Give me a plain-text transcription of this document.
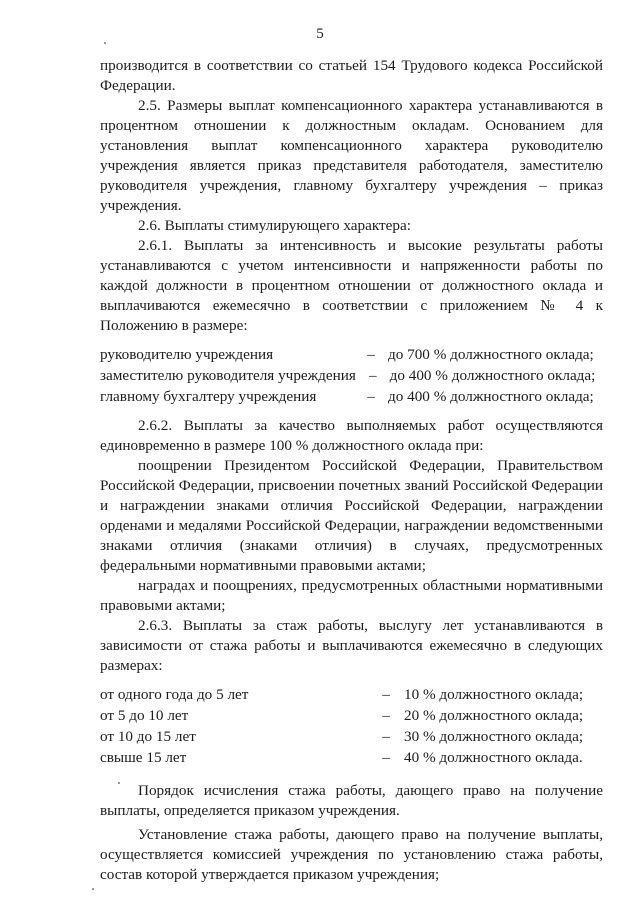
5

производится в соответствии со статьей 154 Трудового кодекса Российской Федерации.

2.5. Размеры выплат компенсационного характера устанавливаются в процентном отношении к должностным окладам. Основанием для установления выплат компенсационного характера руководителю учреждения является приказ представителя работодателя, заместителю руководителя учреждения, главному бухгалтеру учреждения – приказ учреждения.

2.6. Выплаты стимулирующего характера:

2.6.1. Выплаты за интенсивность и высокие результаты работы устанавливаются с учетом интенсивности и напряженности работы по каждой должности в процентном отношении от должностного оклада и выплачиваются ежемесячно в соответствии с приложением № 4 к Положению в размере:

руководителю учреждения	– до 700 % должностного оклада;
заместителю руководителя учреждения – до 400 % должностного оклада;
главному бухгалтеру учреждения	– до 400 % должностного оклада;

2.6.2. Выплаты за качество выполняемых работ осуществляются единовременно в размере 100 % должностного оклада при:

поощрении Президентом Российской Федерации, Правительством Российской Федерации, присвоении почетных званий Российской Федерации и награждении знаками отличия Российской Федерации, награждении орденами и медалями Российской Федерации, награждении ведомственными знаками отличия (знаками отличия) в случаях, предусмотренных федеральными нормативными правовыми актами;

наградах и поощрениях, предусмотренных областными нормативными правовыми актами;

2.6.3. Выплаты за стаж работы, выслугу лет устанавливаются в зависимости от стажа работы и выплачиваются ежемесячно в следующих размерах:

от одного года до 5 лет	– 10 % должностного оклада;
от 5 до 10 лет	– 20 % должностного оклада;
от 10 до 15 лет	– 30 % должностного оклада;
свыше 15 лет	– 40 % должностного оклада.

Порядок исчисления стажа работы, дающего право на получение выплаты, определяется приказом учреждения.

Установление стажа работы, дающего право на получение выплаты, осуществляется комиссией учреждения по установлению стажа работы, состав которой утверждается приказом учреждения;
